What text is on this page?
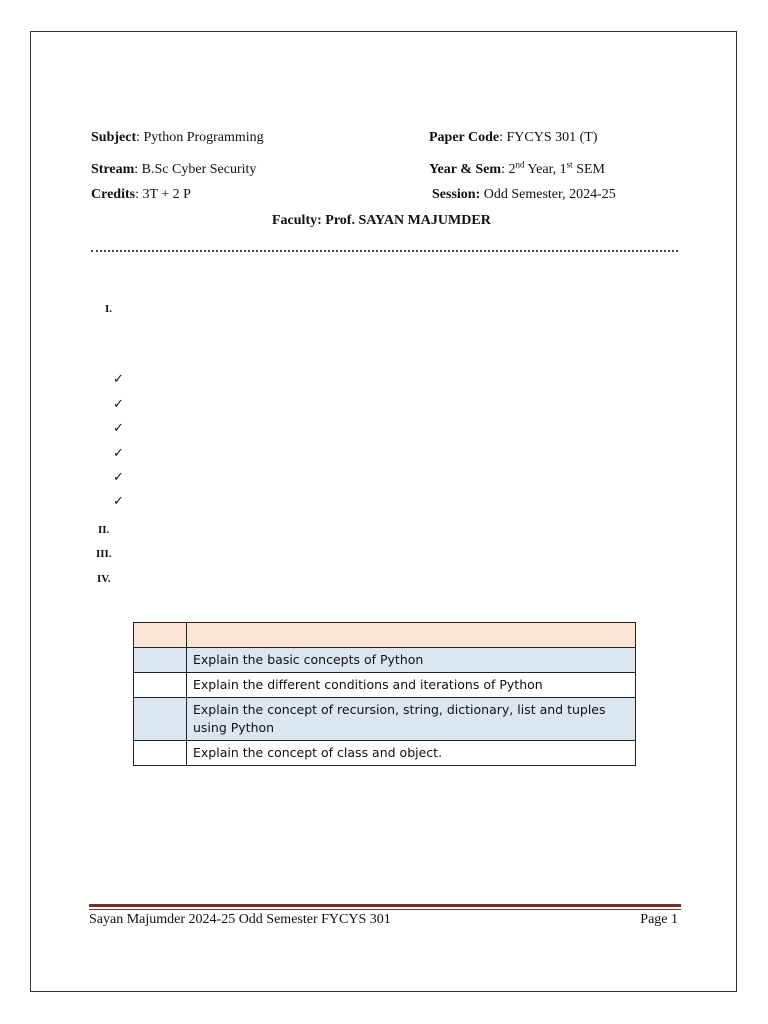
Subject: Python Programming	Paper Code: FYCYS 301 (T)
Stream: B.Sc Cyber Security	Year & Sem: 2nd Year, 1st SEM
Credits: 3T + 2 P	Session: Odd Semester, 2024-25
Faculty: Prof. SAYAN MAJUMDER
I.
✓
✓
✓
✓
✓
✓
II.
III.
IV.

	Explain the basic concepts of Python
	Explain the different conditions and iterations of Python
	Explain the concept of recursion, string, dictionary, list and tuples using Python
	Explain the concept of class and object.
Sayan Majumder 2024-25 Odd Semester FYCYS 301	Page 1
